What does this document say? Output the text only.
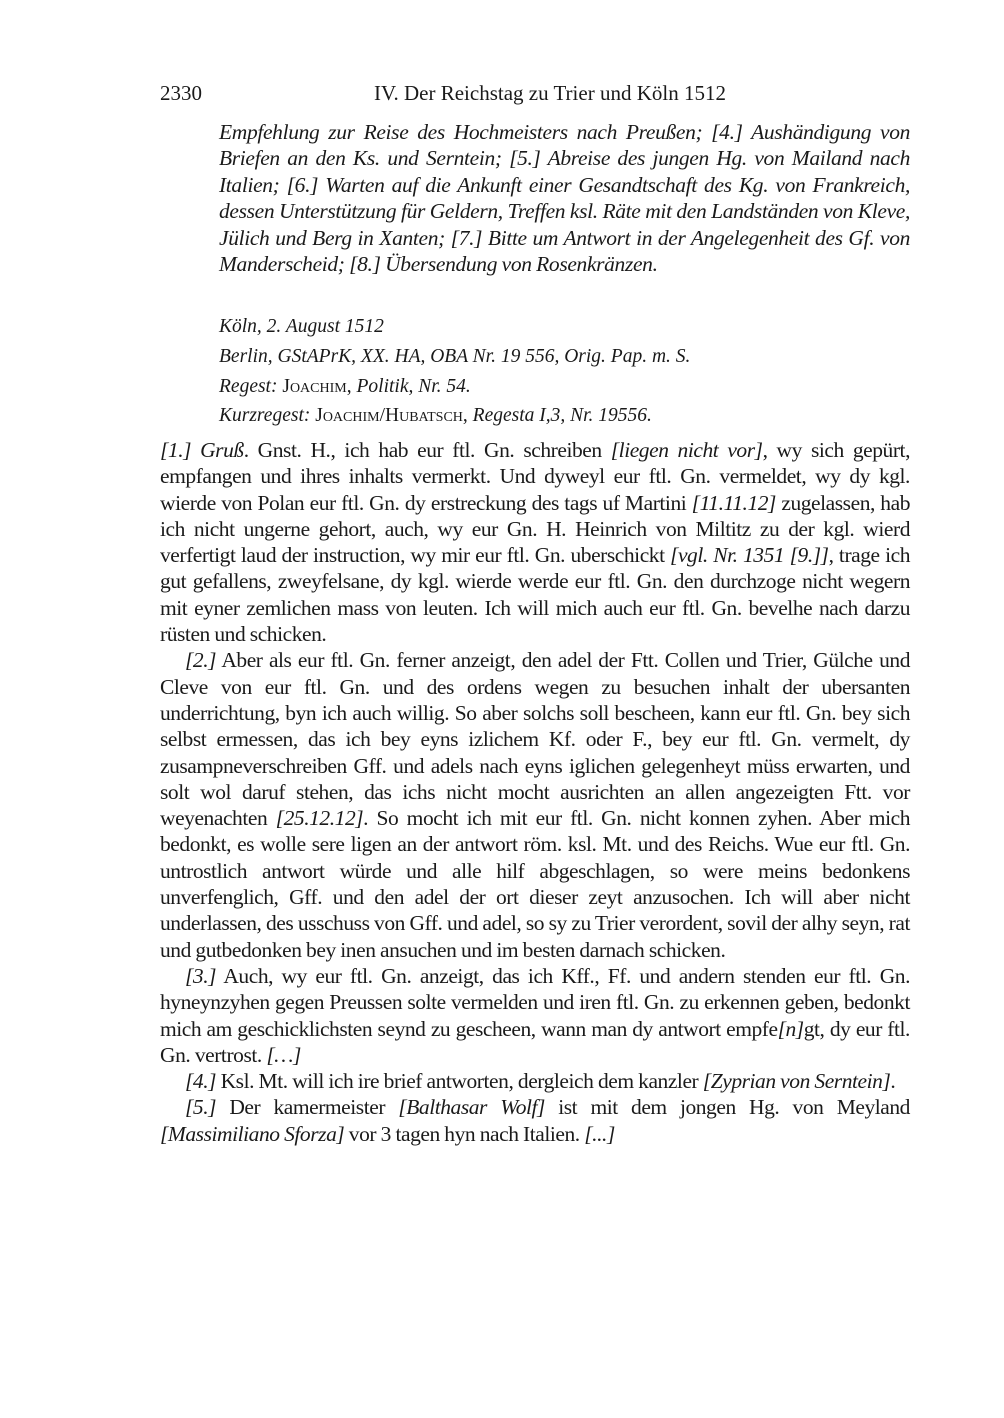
2330	IV. Der Reichstag zu Trier und Köln 1512
Empfehlung zur Reise des Hochmeisters nach Preußen; [4.] Aushändigung von Briefen an den Ks. und Serntein; [5.] Abreise des jungen Hg. von Mailand nach Italien; [6.] Warten auf die Ankunft einer Gesandtschaft des Kg. von Frankreich, dessen Unterstützung für Geldern, Treffen ksl. Räte mit den Landständen von Kleve, Jülich und Berg in Xanten; [7.] Bitte um Antwort in der Angelegenheit des Gf. von Manderscheid; [8.] Übersendung von Rosenkränzen.
Köln, 2. August 1512
Berlin, GStAPrK, XX. HA, OBA Nr. 19 556, Orig. Pap. m. S.
Regest: Joachim, Politik, Nr. 54.
Kurzregest: Joachim/Hubatsch, Regesta I,3, Nr. 19556.

[1.] Gruß. Gnst. H., ich hab eur ftl. Gn. schreiben [liegen nicht vor], wy sich gepürt, empfangen und ihres inhalts vermerkt. Und dyweyl eur ftl. Gn. vermeldet, wy dy kgl. wierde von Polan eur ftl. Gn. dy erstreckung des tags uf Martini [11.11.12] zugelassen, hab ich nicht ungerne gehort, auch, wy eur Gn. H. Heinrich von Miltitz zu der kgl. wierd verfertigt laud der instruction, wy mir eur ftl. Gn. uberschickt [vgl. Nr. 1351 [9.]], trage ich gut gefallens, zweyfelsane, dy kgl. wierde werde eur ftl. Gn. den durchzoge nicht wegern mit eyner zemlichen mass von leuten. Ich will mich auch eur ftl. Gn. bevelhe nach darzu rüsten und schicken.

[2.] Aber als eur ftl. Gn. ferner anzeigt, den adel der Ftt. Collen und Trier, Gülche und Cleve von eur ftl. Gn. und des ordens wegen zu besuchen inhalt der ubersanten underrichtung, byn ich auch willig. So aber solchs soll bescheen, kann eur ftl. Gn. bey sich selbst ermessen, das ich bey eyns izlichem Kf. oder F., bey eur ftl. Gn. vermelt, dy zusampneverschreiben Gff. und adels nach eyns iglichen gelegenheyt müss erwarten, und solt wol daruf stehen, das ichs nicht mocht ausrichten an allen angezeigten Ftt. vor weyenachten [25.12.12]. So mocht ich mit eur ftl. Gn. nicht konnen zyhen. Aber mich bedonkt, es wolle sere ligen an der antwort röm. ksl. Mt. und des Reichs. Wue eur ftl. Gn. untrostlich antwort würde und alle hilf abgeschlagen, so were meins bedonkens unverfenglich, Gff. und den adel der ort dieser zeyt anzusochen. Ich will aber nicht underlassen, des usschuss von Gff. und adel, so sy zu Trier verordent, sovil der alhy seyn, rat und gutbedonken bey inen ansuchen und im besten darnach schicken.

[3.] Auch, wy eur ftl. Gn. anzeigt, das ich Kff., Ff. und andern stenden eur ftl. Gn. hyneynzyhen gegen Preussen solte vermelden und iren ftl. Gn. zu erkennen geben, bedonkt mich am geschicklichsten seynd zu gescheen, wann man dy antwort empfe[n]gt, dy eur ftl. Gn. vertrost. […]

[4.] Ksl. Mt. will ich ire brief antworten, dergleich dem kanzler [Zyprian von Serntein].

[5.] Der kamermeister [Balthasar Wolf] ist mit dem jongen Hg. von Meyland [Massimiliano Sforza] vor 3 tagen hyn nach Italien. [...]
